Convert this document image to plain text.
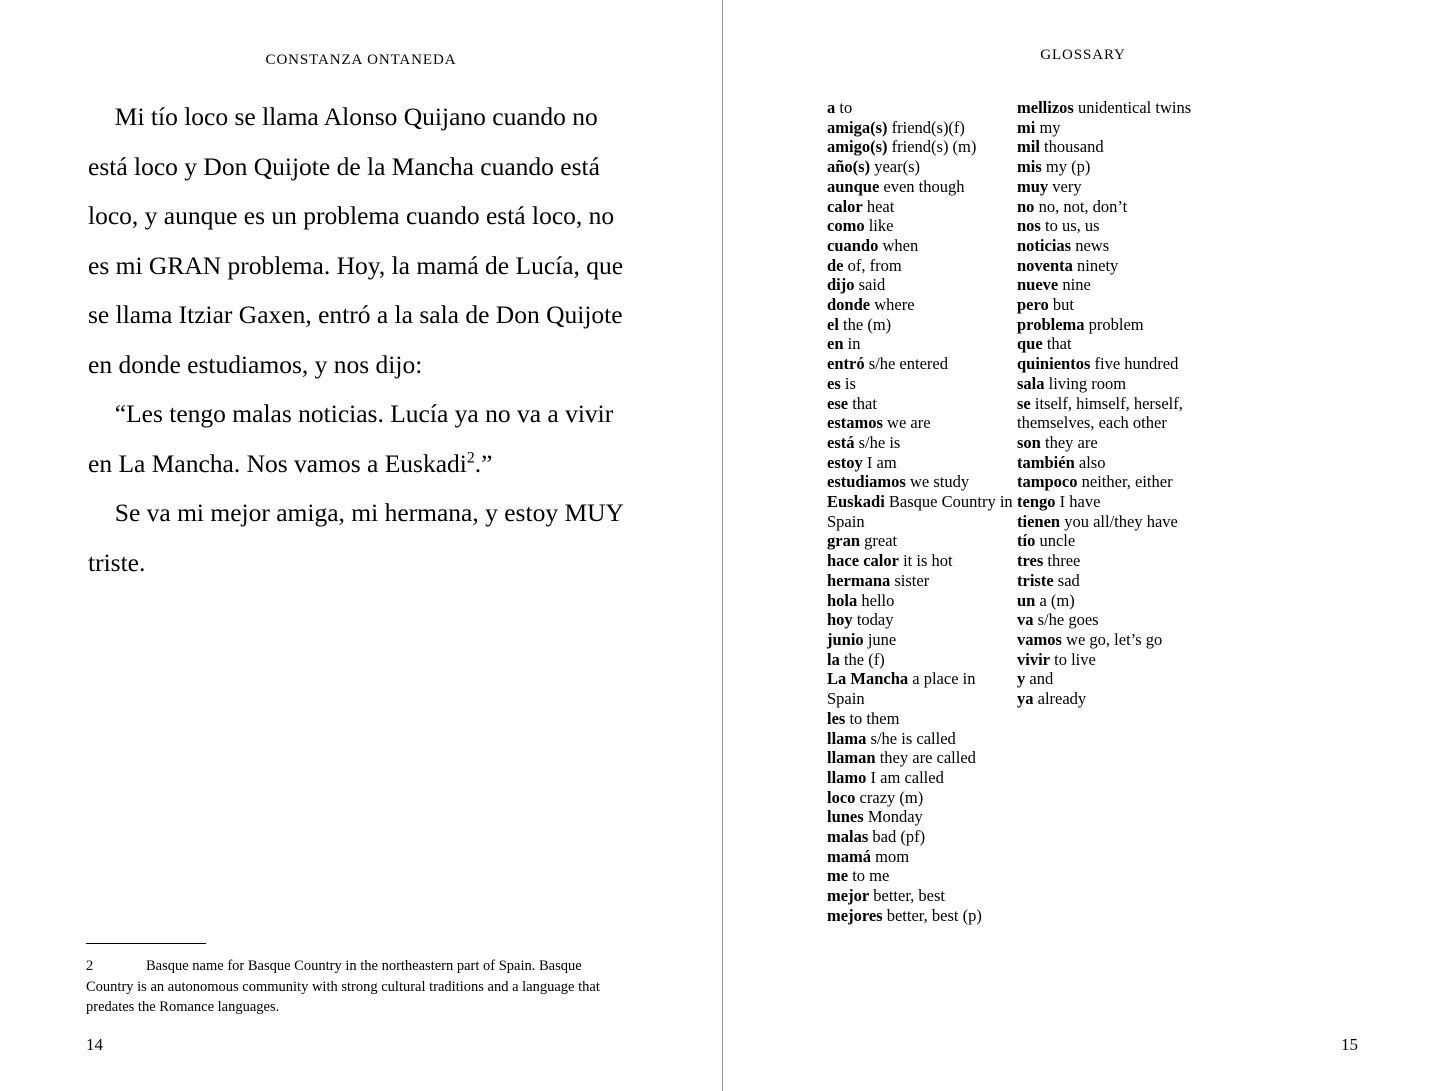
CONSTANZA ONTANEDA

Mi tío loco se llama Alonso Quijano cuando no está loco y Don Quijote de la Mancha cuando está loco, y aunque es un problema cuando está loco, no es mi GRAN problema. Hoy, la mamá de Lucía, que se llama Itziar Gaxen, entró a la sala de Don Quijote en donde estudiamos, y nos dijo:

“Les tengo malas noticias. Lucía ya no va a vivir en La Mancha. Nos vamos a Euskadi$^2$.”

Se va mi mejor amiga, mi hermana, y estoy MUY triste.

2	Basque name for Basque Country in the northeastern part of Spain. Basque Country is an autonomous community with strong cultural traditions and a language that predates the Romance languages.
14
GLOSSARY

a to

amiga(s) friend(s)(f)

amigo(s) friend(s) (m)

año(s) year(s)

aunque even though

calor heat

como like

cuando when

de of, from

dijo said

donde where

el the (m)

en in

entró s/he entered

es is

ese that

estamos we are

está s/he is

estoy I am

estudiamos we study

Euskadi Basque Country in Spain

gran great

hace calor it is hot

hermana sister

hola hello

hoy today

junio june

la the (f)

La Mancha a place in Spain

les to them

llama s/he is called

llaman they are called

llamo I am called

loco crazy (m)

lunes Monday

malas bad (pf)

mamá mom

me to me

mejor better, best

mejores better, best (p)

mellizos unidentical twins

mi my

mil thousand

mis my (p)

muy very

no no, not, don’t

nos to us, us

noticias news

noventa ninety

nueve nine

pero but

problema problem

que that

quinientos five hundred

sala living room

se itself, himself, herself, themselves, each other

son they are

también also

tampoco neither, either

tengo I have

tienen you all/they have

tío uncle

tres three

triste sad

un a (m)

va s/he goes

vamos we go, let’s go

vivir to live

y and

ya already

15
